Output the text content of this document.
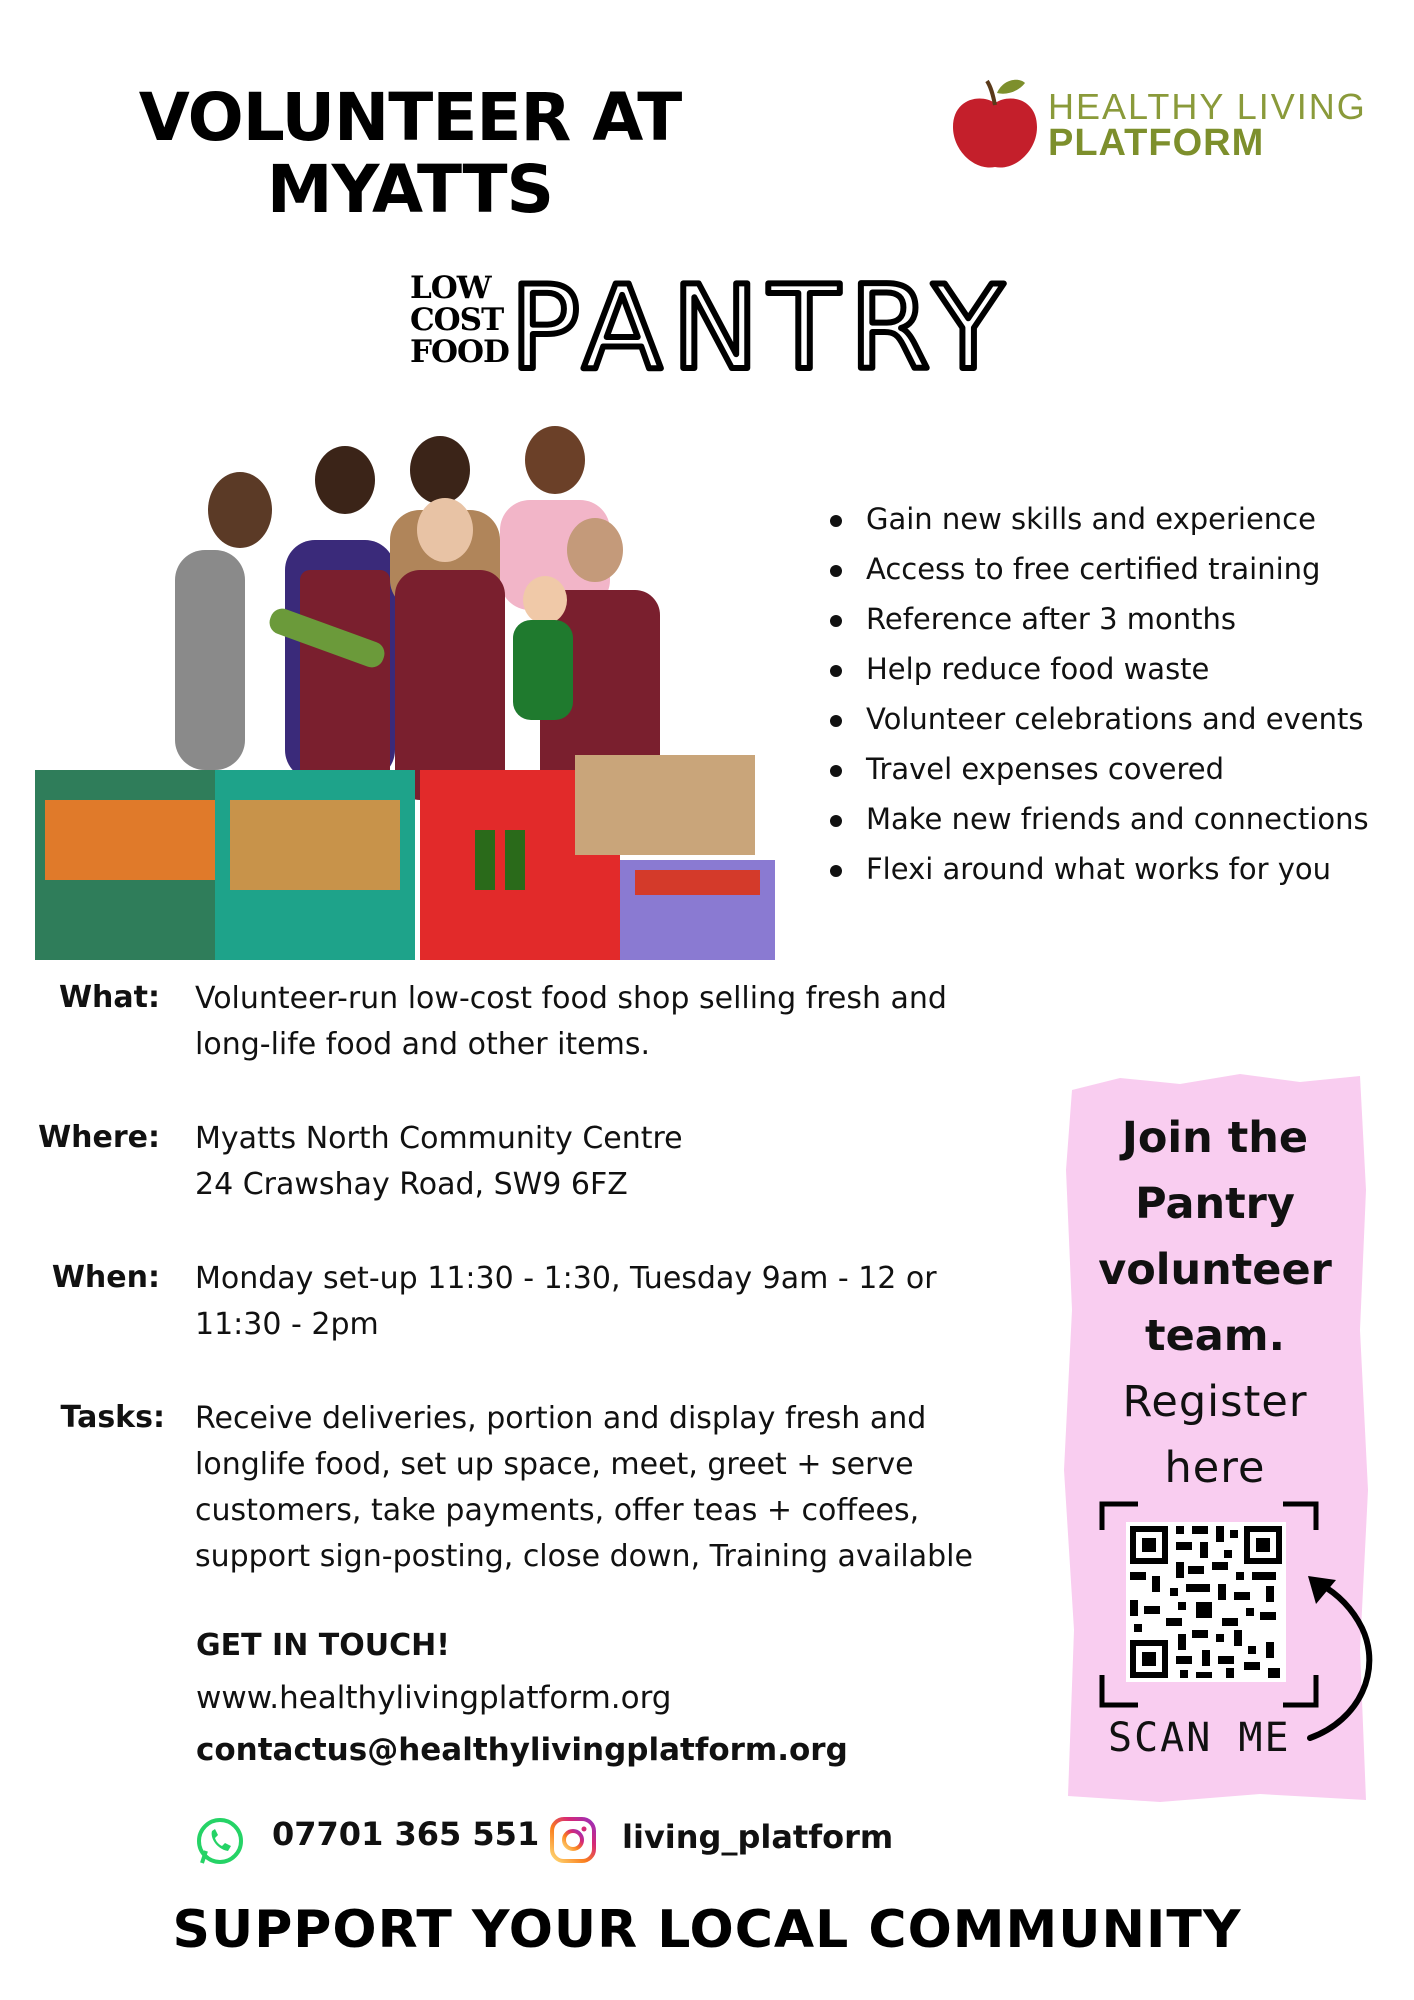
VOLUNTEER AT
MYATTS
HEALTHY LIVING
PLATFORM
LOW
COST
FOOD PANTRY
Gain new skills and experience
Access to free certified training
Reference after 3 months
Help reduce food waste
Volunteer celebrations and events
Travel expenses covered
Make new friends and connections
Flexi around what works for you
What: Volunteer-run low-cost food shop selling fresh and long-life food and other items.
Where: Myatts North Community Centre
24 Crawshay Road, SW9 6FZ
When: Monday set-up 11:30 - 1:30, Tuesday 9am - 12 or 11:30 - 2pm
Tasks: Receive deliveries, portion and display fresh and longlife food, set up space, meet, greet + serve customers, take payments, offer teas + coffees, support sign-posting, close down, Training available
GET IN TOUCH!
www.healthylivingplatform.org
contactus@healthylivingplatform.org
07701 365 551	living_platform
Join the
Pantry
volunteer
team.
Register
here
SCAN ME
SUPPORT YOUR LOCAL COMMUNITY
